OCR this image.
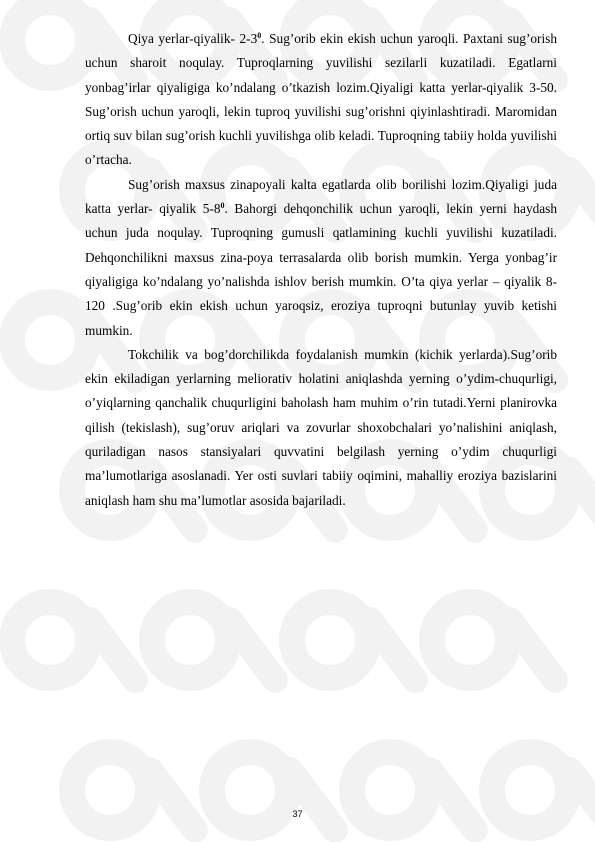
Qiya yerlar-qiyalik- $2-3^0$. Sug’orib ekin ekish uchun yaroqli. Paxtani sug’orish uchun sharoit noqulay. Tuproqlarning yuvilishi sezilarli kuzatiladi. Egatlarni yonbag’irlar qiyaligiga ko’ndalang o’tkazish lozim.Qiyaligi katta yerlar-qiyalik 3-50. Sug’orish uchun yaroqli, lekin tuproq yuvilishi sug’orishni qiyinlashtiradi. Maromidan ortiq suv bilan sug’orish kuchli yuvilishga olib keladi. Tuproqning tabiiy holda yuvilishi o’rtacha.

Sug’orish maxsus zinapoyali kalta egatlarda olib borilishi lozim.Qiyaligi juda katta yerlar- qiyalik $5-8^0$. Bahorgi dehqonchilik uchun yaroqli, lekin yerni haydash uchun juda noqulay. Tuproqning gumusli qatlamining kuchli yuvilishi kuzatiladi. Dehqonchilikni maxsus zina-poya terrasalarda olib borish mumkin. Yerga yonbag’ir qiyaligiga ko’ndalang yo’nalishda ishlov berish mumkin. O’ta qiya yerlar – qiyalik 8-120 .Sug’orib ekin ekish uchun yaroqsiz, eroziya tuproqni butunlay yuvib ketishi mumkin.

Tokchilik va bog’dorchilikda foydalanish mumkin (kichik yerlarda).Sug’orib ekin ekiladigan yerlarning meliorativ holatini aniqlashda yerning o’ydim-chuqurligi, o’yiqlarning qanchalik chuqurligini baholash ham muhim o’rin tutadi.Yerni planirovka qilish (tekislash), sug’oruv ariqlari va zovurlar shoxobchalari yo’nalishini aniqlash, quriladigan nasos stansiyalari quvvatini belgilash yerning o’ydim chuqurligi ma’lumotlariga asoslanadi. Yer osti suvlari tabiiy oqimini, mahalliy eroziya bazislarini aniqlash ham shu ma’lumotlar asosida bajariladi.

37
